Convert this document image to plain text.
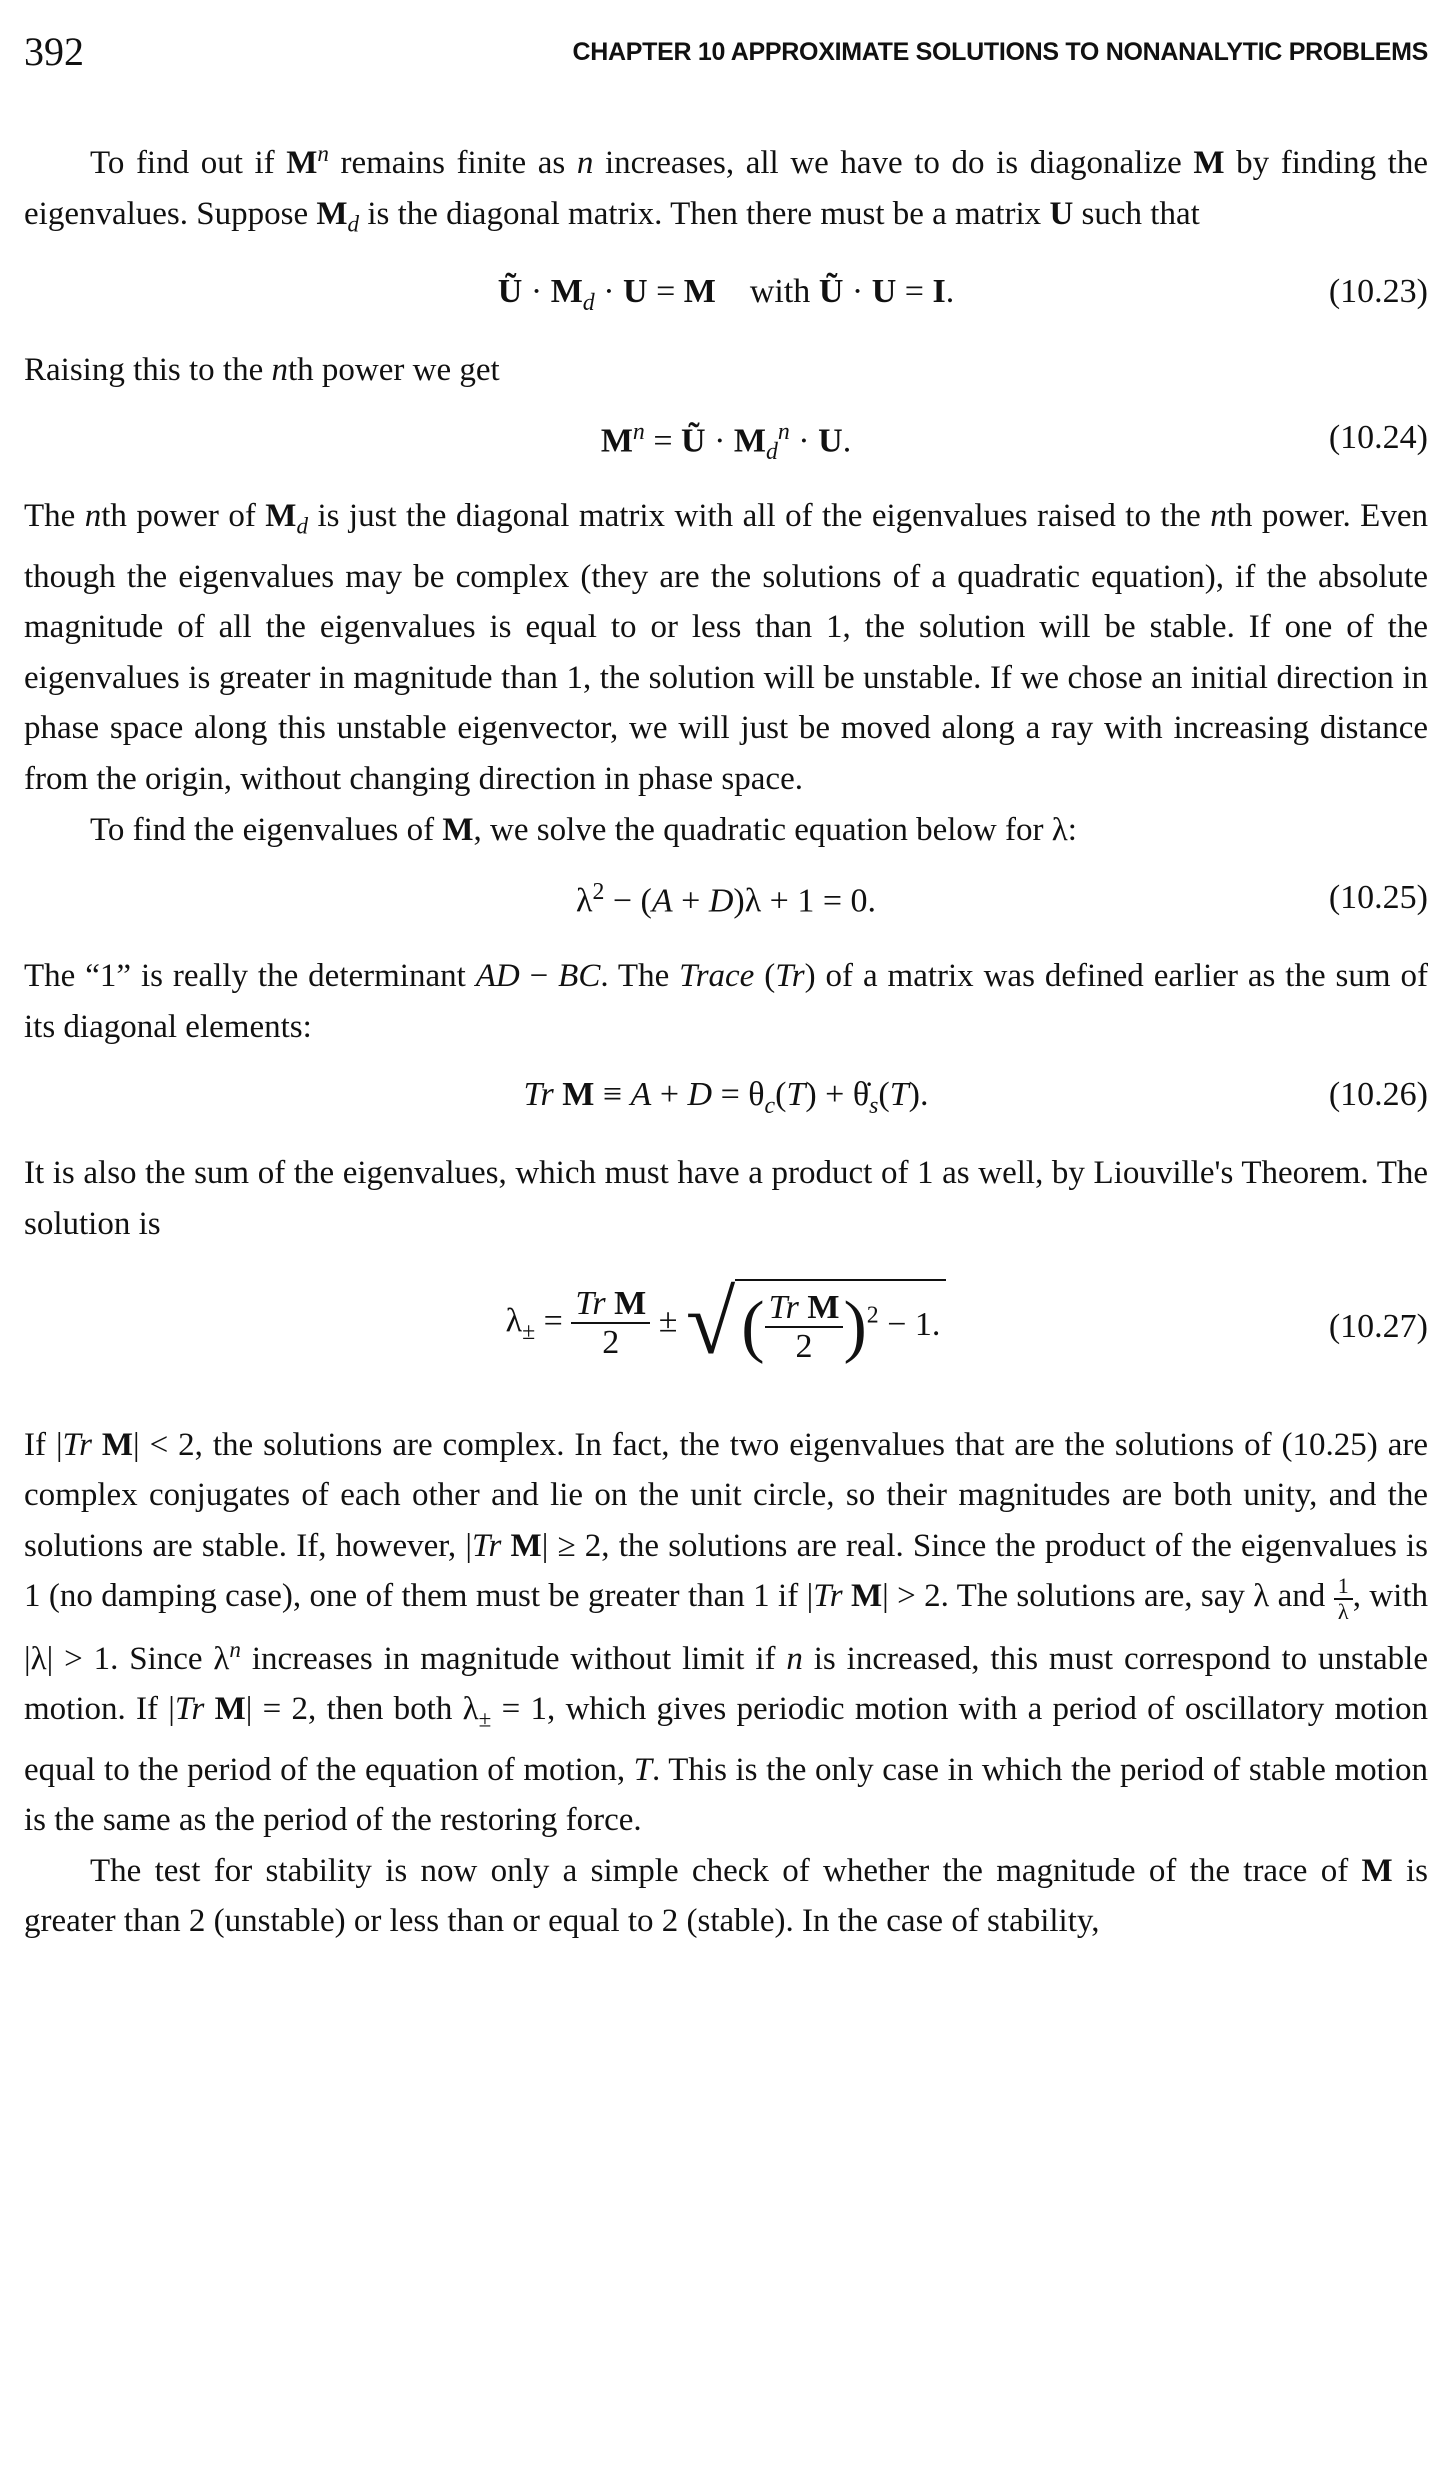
392	CHAPTER 10 APPROXIMATE SOLUTIONS TO NONANALYTIC PROBLEMS

To find out if $M^n$ remains finite as n increases, all we have to do is diagonalize M by finding the eigenvalues. Suppose $M_d$ is the diagonal matrix. Then there must be a matrix U such that

Ũ · $M_d \cdot U = M$    with Ũ · U = I.	(10.23)

Raising this to the nth power we get

$M^n$ = Ũ · $M_d^n \cdot U$.	(10.24)

The nth power of $M_d$ is just the diagonal matrix with all of the eigenvalues raised to the nth power. Even though the eigenvalues may be complex (they are the solutions of a quadratic equation), if the absolute magnitude of all the eigenvalues is equal to or less than 1, the solution will be stable. If one of the eigenvalues is greater in magnitude than 1, the solution will be unstable. If we chose an initial direction in phase space along this unstable eigenvector, we will just be moved along a ray with increasing distance from the origin, without changing direction in phase space.

To find the eigenvalues of M, we solve the quadratic equation below for λ:

$\lambda^2 - (A + D)\lambda + 1 = 0$.	(10.25)

The “1” is really the determinant AD − BC. The Trace (Tr) of a matrix was defined earlier as the sum of its diagonal elements:

Tr $M \equiv A + D = \theta_c(T)$ + $\thetȧ_s(T)$.	(10.26)

It is also the sum of the eigenvalues, which must have a product of 1 as well, by Liouville's Theorem. The solution is

$\lambda_\pm = \frac{\text{Tr M}}{2}$ ± √( $\frac{\text{Tr M}}{2} )^2 - 1$.	(10.27)

If |Tr M| < 2, the solutions are complex. In fact, the two eigenvalues that are the solutions of (10.25) are complex conjugates of each other and lie on the unit circle, so their magnitudes are both unity, and the solutions are stable. If, however, |Tr M| ≥ 2, the solutions are real. Since the product of the eigenvalues is 1 (no damping case), one of them must be greater than 1 if |Tr M| > 2. The solutions are, say λ and $\frac{1}{\lambda}$ , with |λ| > 1. Since $\lambda^n$ increases in magnitude without limit if n is increased, this must correspond to unstable motion. If |Tr M| = 2, then both $\lambda_\pm = 1$, which gives periodic motion with a period of oscillatory motion equal to the period of the equation of motion, T. This is the only case in which the period of stable motion is the same as the period of the restoring force.

The test for stability is now only a simple check of whether the magnitude of the trace of M is greater than 2 (unstable) or less than or equal to 2 (stable). In the case of stability,
